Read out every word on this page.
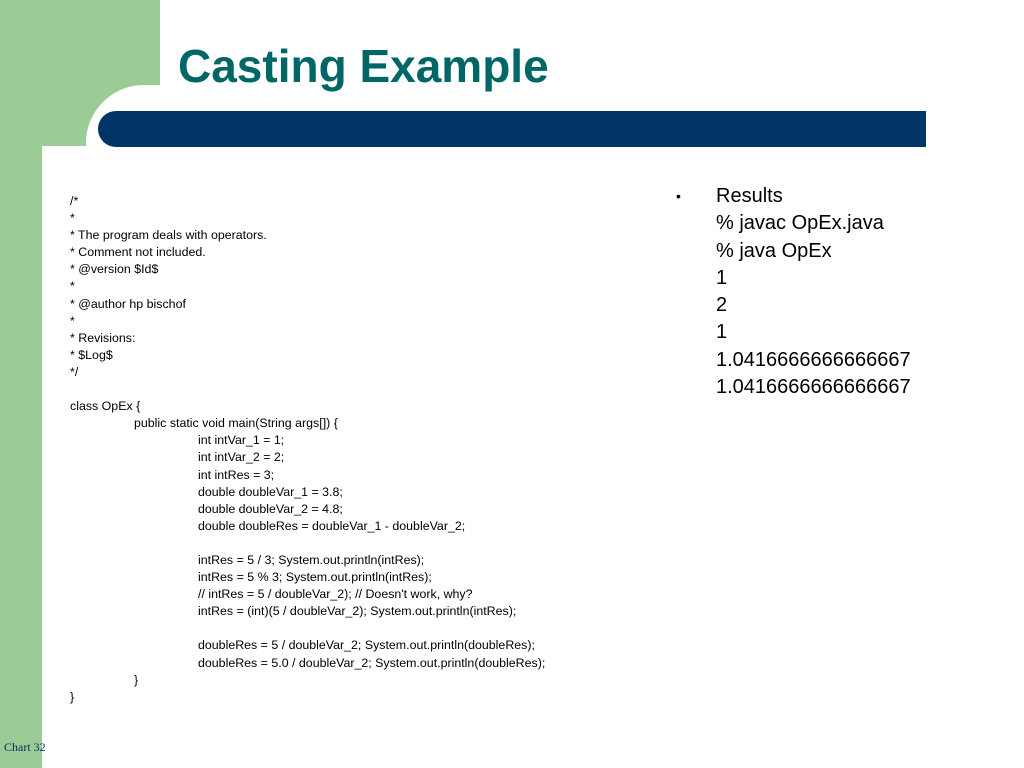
Casting Example
/*
*
* The program deals with operators.
* Comment not included.
* @version $Id$
*
* @author hp bischof
*
* Revisions:
* $Log$
*/

class OpEx {
	public static void main(String args[]) {
		int intVar_1 = 1;
		int intVar_2 = 2;
		int intRes = 3;
		double doubleVar_1 = 3.8;
		double doubleVar_2 = 4.8;
		double doubleRes = doubleVar_1 - doubleVar_2;

		intRes = 5 / 3; System.out.println(intRes);
		intRes = 5 % 3; System.out.println(intRes);
		// intRes = 5 / doubleVar_2); // Doesn't work, why?
		intRes = (int)(5 / doubleVar_2); System.out.println(intRes);

		doubleRes = 5 / doubleVar_2; System.out.println(doubleRes);
		doubleRes = 5.0 / doubleVar_2; System.out.println(doubleRes);
	}
}
•	Results
% javac OpEx.java
% java OpEx
1
2
1
1.0416666666666667
1.0416666666666667
Chart 32
